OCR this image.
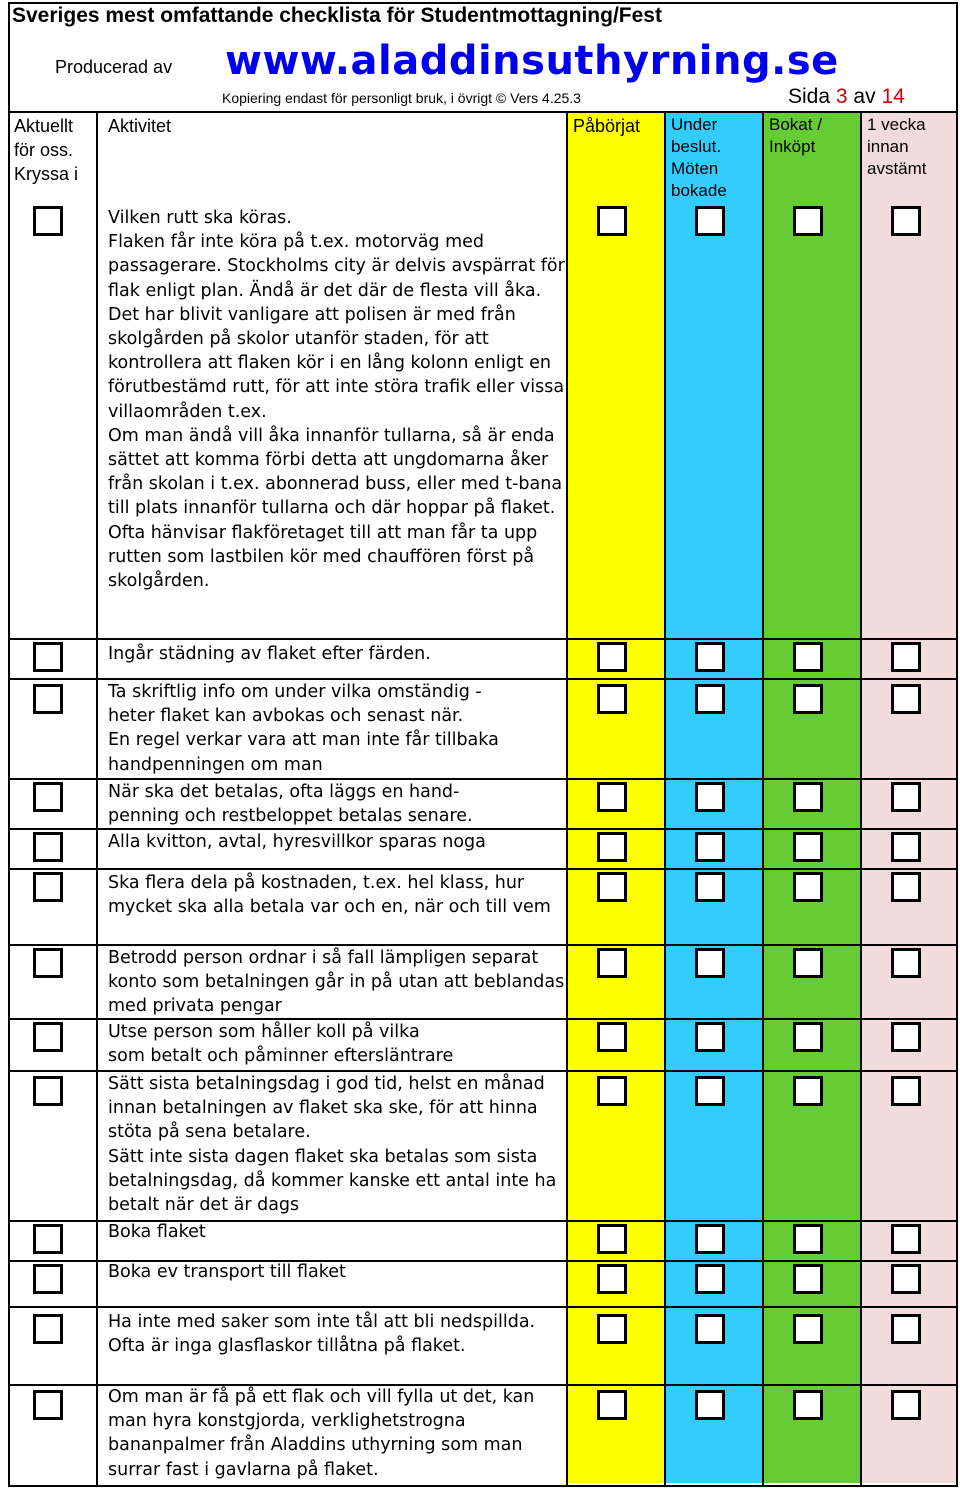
Sveriges mest omfattande checklista för Studentmottagning/Fest
Producerad av www.aladdinsuthyrning.se
Kopiering endast för personligt bruk, i övrigt © Vers 4.25.3	Sida 3 av 14
Aktuellt
för oss.
Kryssa i
Aktivitet	Påbörjat Under
beslut.
Möten
bokade
Bokat /
Inköpt
1 vecka
innan
avstämt
Vilken rutt ska köras.
Flaken får inte köra på t.ex. motorväg med passagerare. Stockholms city är delvis avspärrat för flak enligt plan. Ändå är det där de flesta vill åka. Det har blivit vanligare att polisen är med från skolgården på skolor utanför staden, för att kontrollera att flaken kör i en lång kolonn enligt en förutbestämd rutt, för att inte störa trafik eller vissa villaområden t.ex.
Om man ändå vill åka innanför tullarna, så är enda sättet att komma förbi detta att ungdomarna åker från skolan i t.ex. abonnerad buss, eller med t-bana till plats innanför tullarna och där hoppar på flaket.
Ofta hänvisar flakföretaget till att man får ta upp rutten som lastbilen kör med chauffören först på skolgården.
Ingår städning av flaket efter färden.
Ta skriftlig info om under vilka omständig -
heter flaket kan avbokas och senast när.
En regel verkar vara att man inte får tillbaka handpenningen om man
När ska det betalas, ofta läggs en hand-
penning och restbeloppet betalas senare.
Alla kvitton, avtal, hyresvillkor sparas noga
Ska flera dela på kostnaden, t.ex. hel klass, hur mycket ska alla betala var och en, när och till vem
Betrodd person ordnar i så fall lämpligen separat konto som betalningen går in på utan att beblandas med privata pengar
Utse person som håller koll på vilka
som betalt och påminner eftersläntrare
Sätt sista betalningsdag i god tid, helst en månad innan betalningen av flaket ska ske, för att hinna stöta på sena betalare.
Sätt inte sista dagen flaket ska betalas som sista betalningsdag, då kommer kanske ett antal inte ha betalt när det är dags
Boka flaket
Boka ev transport till flaket
Ha inte med saker som inte tål att bli nedspillda. Ofta är inga glasflaskor tillåtna på flaket.
Om man är få på ett flak och vill fylla ut det, kan man hyra konstgjorda, verklighetstrogna bananpalmer från Aladdins uthyrning som man surrar fast i gavlarna på flaket.
